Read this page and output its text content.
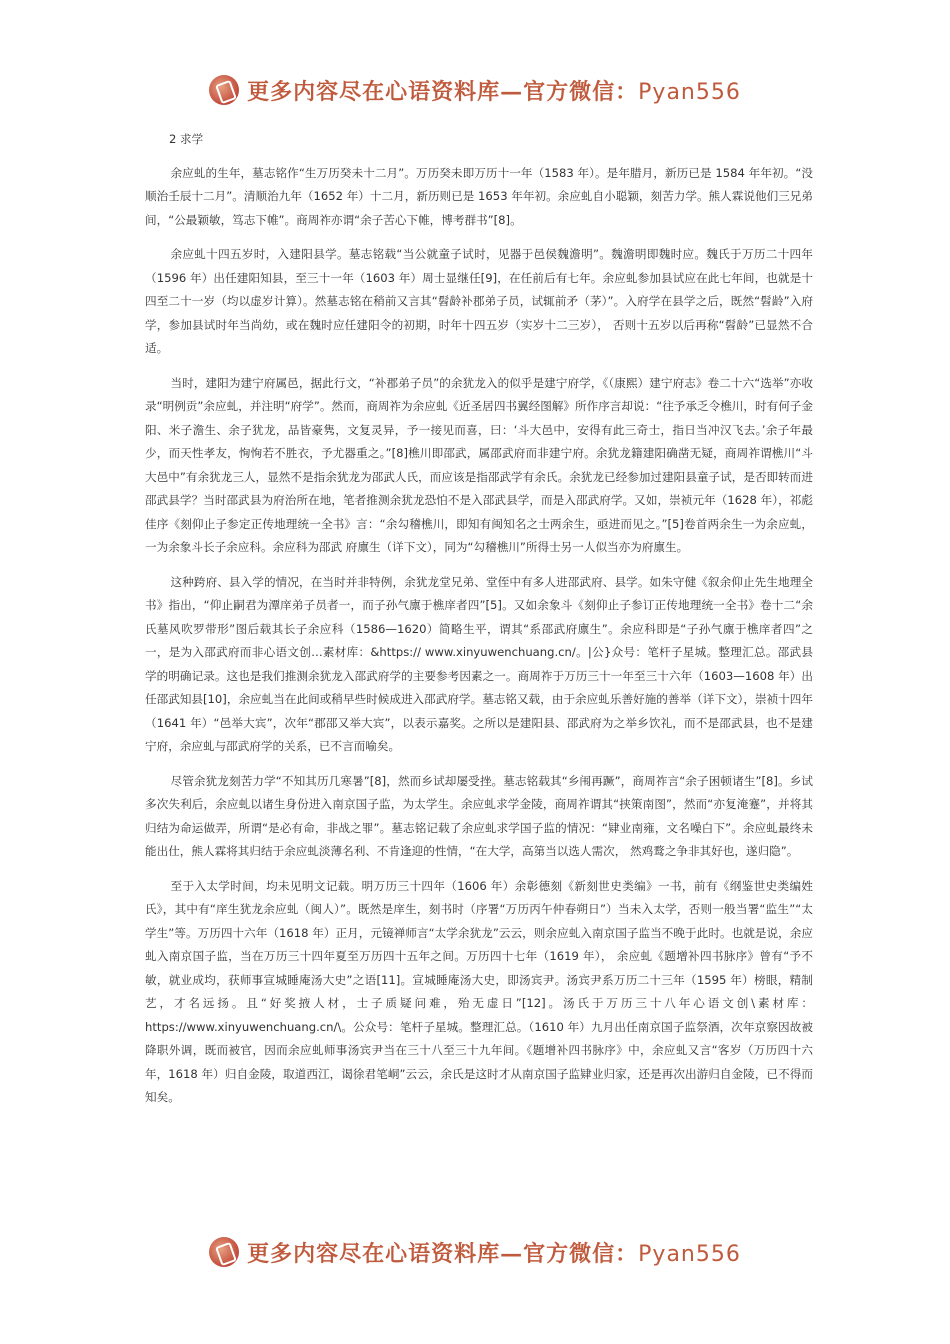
更多内容尽在心语资料库—官方微信：Pyan556
2 求学

余应虬的生年，墓志铭作“生万历癸未十二月”。万历癸未即万历十一年（1583 年）。是年腊月，新历已是 1584 年年初。“没顺治壬辰十二月”。清顺治九年（1652 年）十二月，新历则已是 1653 年年初。余应虬自小聪颖，刻苦力学。熊人霖说他们三兄弟间，“公最颖敏，笃志下帷”。商周祚亦谓“余子苦心下帷，博考群书”[8]。

余应虬十四五岁时，入建阳县学。墓志铭载“当公就童子试时，见器于邑侯魏澹明”。魏澹明即魏时应。魏氏于万历二十四年（1596 年）出任建阳知县，至三十一年（1603 年）周士显继任[9]，在任前后有七年。余应虬参加县试应在此七年间，也就是十四至二十一岁（均以虚岁计算）。然墓志铭在稍前又言其“髫龄补郡弟子员，试辄前矛（茅）”。入府学在县学之后，既然“髫龄”入府学，参加县试时年当尚幼，或在魏时应任建阳令的初期，时年十四五岁（实岁十二三岁）， 否则十五岁以后再称“髫龄”已显然不合适。

当时，建阳为建宁府属邑，据此行文，“补郡弟子员”的余犹龙入的似乎是建宁府学，《（康熙）建宁府志》卷二十六“选举”亦收录“明例贡”余应虬，并注明“府学”。然而，商周祚为余应虬《近圣居四书翼经图解》所作序言却说：“往予承乏令樵川，时有何子金阳、米子澹生、余子犹龙，品皆豪隽，文复灵异，予一接见而喜，曰：‘斗大邑中，安得有此三奇士，指日当冲汉飞去。’余子年最少，而天性孝友，恂恂若不胜衣，予尤器重之。”[8]樵川即邵武，属邵武府而非建宁府。余犹龙籍建阳确凿无疑，商周祚谓樵川“斗大邑中”有余犹龙三人，显然不是指余犹龙为邵武人氏，而应该是指邵武学有余氏。余犹龙已经参加过建阳县童子试，是否即转而进邵武县学？当时邵武县为府治所在地，笔者推测余犹龙恐怕不是入邵武县学，而是入邵武府学。又如，崇祯元年（1628 年），祁彪佳序《刻仰止子参定正传地理统一全书》言：“余勾稽樵川，即知有闽知名之士两余生，亟进而见之。”[5]卷首两余生一为余应虬，一为余象斗长子余应科。余应科为邵武 府廪生（详下文），同为“勾稽樵川”所得士另一人似当亦为府廪生。

这种跨府、县入学的情况，在当时并非特例，余犹龙堂兄弟、堂侄中有多人进邵武府、县学。如朱守健《叙余仰止先生地理全书》指出，“仰止嗣君为潭庠弟子员者一，而子孙气廪于樵庠者四”[5]。又如余象斗《刻仰止子参订正传地理统一全书》卷十二“余氏墓风吹罗带形”图后载其长子余应科（1586—1620）简略生平，谓其“系邵武府廪生”。余应科即是“子孙气廪于樵庠者四”之一，是为入邵武府而非心语文创…素材库：&https:// www.xinyuwenchuang.cn/。|公}众号：笔杆子星城。整理汇总。邵武县学的明确记录。这也是我们推测余犹龙入邵武府学的主要参考因素之一。商周祚于万历三十一年至三十六年（1603—1608 年）出任邵武知县[10]，余应虬当在此间或稍早些时候成进入邵武府学。墓志铭又载，由于余应虬乐善好施的善举（详下文），崇祯十四年（1641 年）“邑举大宾”，次年“郡邵又举大宾”，以表示嘉奖。之所以是建阳县、邵武府为之举乡饮礼，而不是邵武县，也不是建宁府，余应虬与邵武府学的关系，已不言而喻矣。

尽管余犹龙刻苦力学“不知其历几寒暑”[8]，然而乡试却屡受挫。墓志铭载其“乡闱再蹶”，商周祚言“余子困顿诸生”[8]。乡试多次失利后，余应虬以诸生身份进入南京国子监，为太学生。余应虬求学金陵，商周祚谓其“挟策南图”，然而“亦复淹蹇”，并将其归结为命运做弄，所谓“是必有命，非战之罪”。墓志铭记载了余应虬求学国子监的情况：“肄业南雍，文名噪白下”。余应虬最终未能出仕，熊人霖将其归结于余应虬淡薄名利、不肯逢迎的性情，“在大学，高第当以选人需次， 然鸡鹜之争非其好也，遂归隐”。

至于入太学时间，均未见明文记载。明万历三十四年（1606 年）余彰德刻《新刻世史类编》一书，前有《纲鉴世史类编姓氏》，其中有“庠生犹龙余应虬（闽人）”。既然是庠生，刻书时（序署“万历丙午仲春朔日”）当未入太学，否则一般当署“监生”“太学生”等。万历四十六年（1618 年）正月，元镜禅师言“太学余犹龙”云云，则余应虬入南京国子监当不晚于此时。也就是说，余应虬入南京国子监，当在万历三十四年夏至万历四十五年之间。万历四十七年（1619 年）， 余应虬《题增补四书脉序》曾有“予不敏，就业成均，获师事宣城睡庵汤大史”之语[11]。宣城睡庵汤大史，即汤宾尹。汤宾尹系万历二十三年（1595 年）榜眼，精制艺，才名远扬。且“好奖掖人材，士子质疑问难，殆无虚日”[12]。汤氏于万历三十八年心语文创\素材库：https://www.xinyuwenchuang.cn/\。公众号：笔杆子星城。整理汇总。（1610 年）九月出任南京国子监祭酒，次年京察因故被降职外调，既而被官，因而余应虬师事汤宾尹当在三十八至三十九年间。《题增补四书脉序》中，余应虬又言“客岁（万历四十六年，1618 年）归自金陵，取道西江，谒徐君笔峒”云云，余氏是这时才从南京国子监肄业归家，还是再次出游归自金陵，已不得而知矣。

更多内容尽在心语资料库—官方微信：Pyan556
